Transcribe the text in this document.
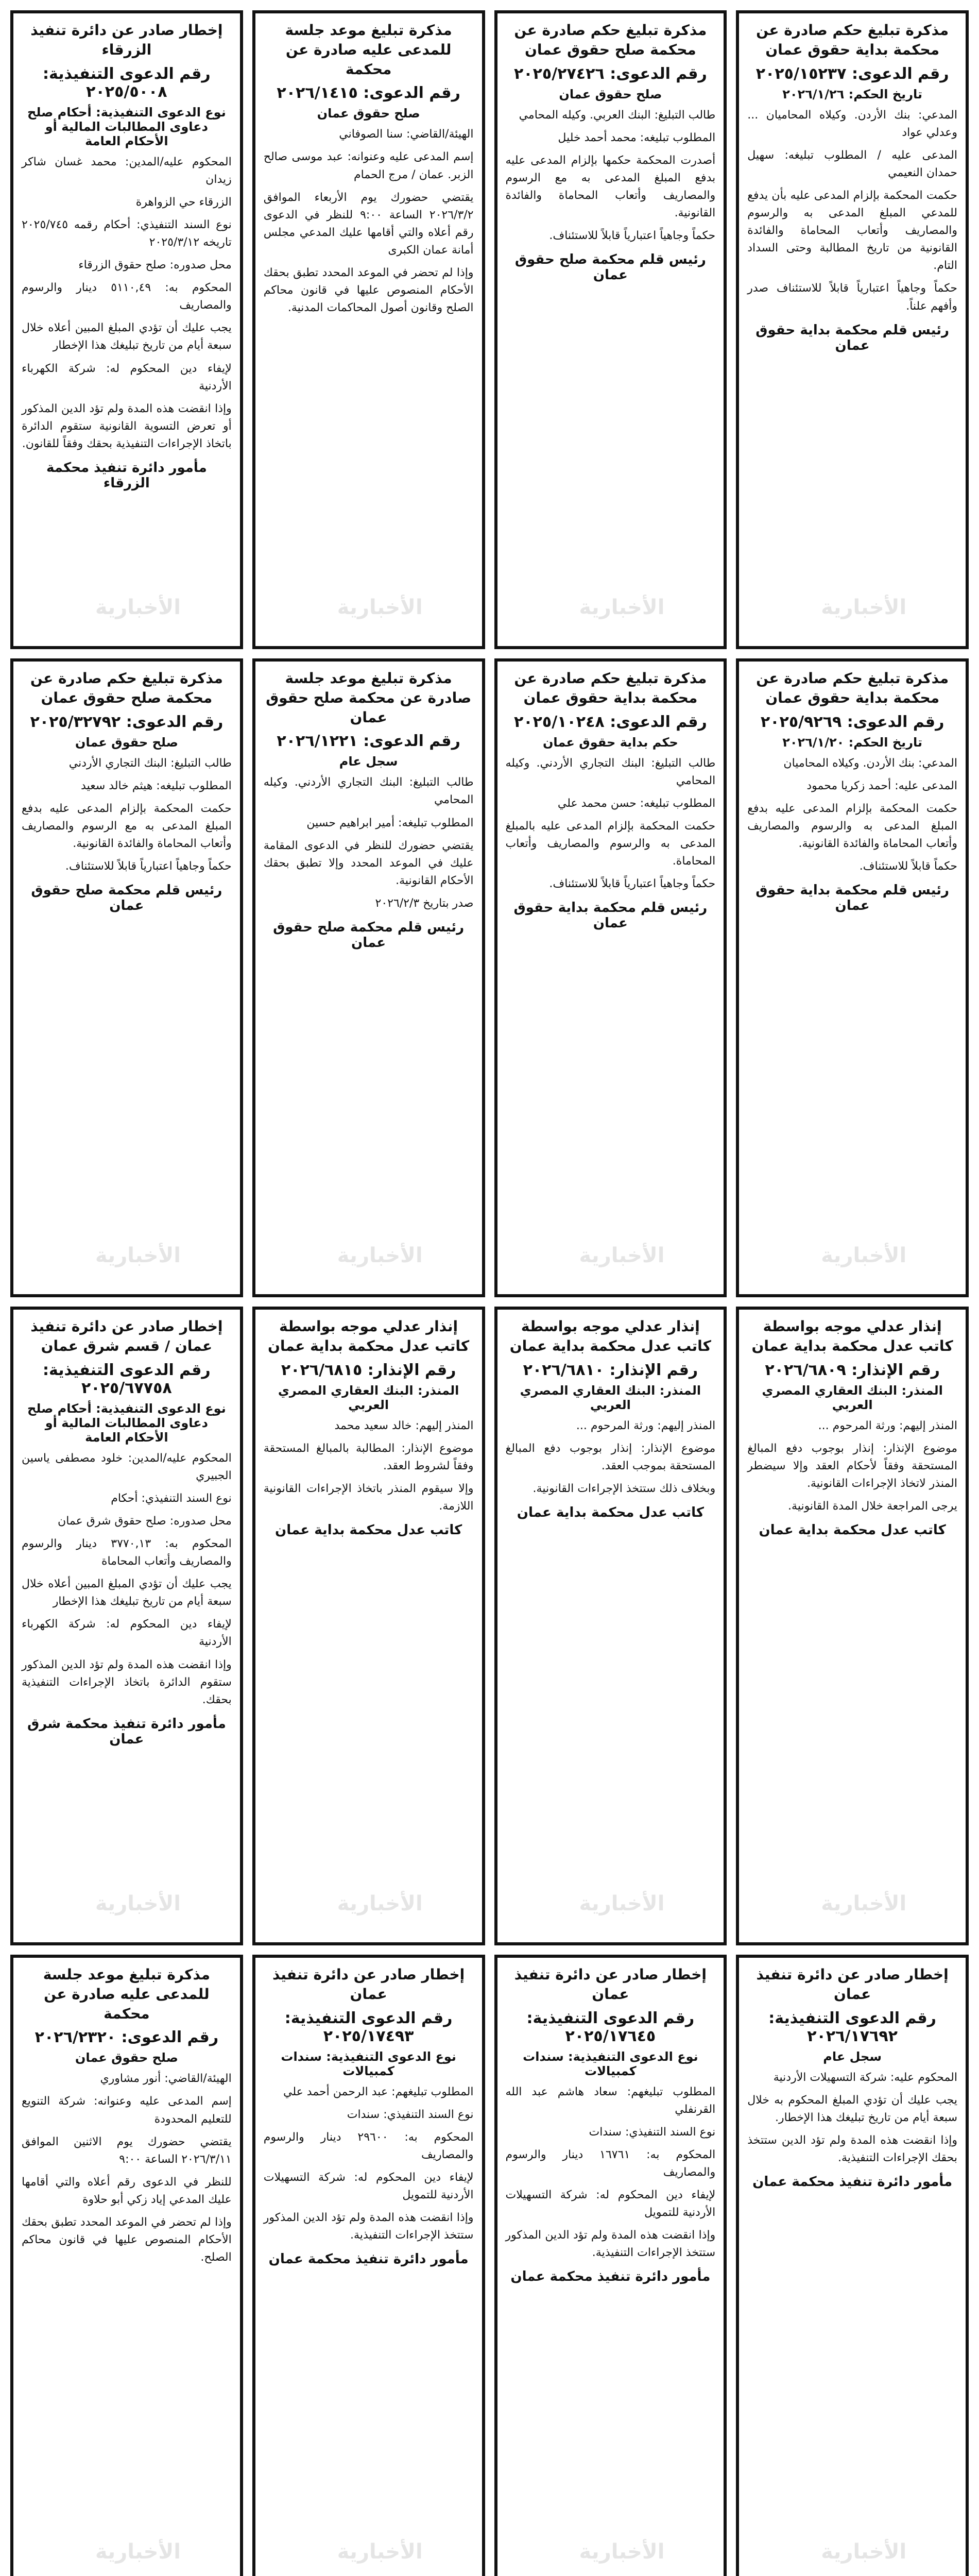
مذكرة تبليغ حكم صادرة عن محكمة بداية حقوق عمان
رقم الدعوى: ٢٠٢٥/١٥٢٣٧
تاريخ الحكم: ٢٠٢٦/١/٢٦
المدعي: بنك الأردن. وكيلاه المحاميان ... وعدلي عواد
المدعى عليه / المطلوب تبليغه: سهيل حمدان النعيمي
حكمت المحكمة بإلزام المدعى عليه بأن يدفع للمدعي المبلغ المدعى به والرسوم والمصاريف وأتعاب المحاماة والفائدة القانونية من تاريخ المطالبة وحتى السداد التام.
حكماً وجاهياً اعتبارياً قابلاً للاستئناف صدر وأفهم علناً.
رئيس قلم محكمة بداية حقوق عمان
الأخبارية
مذكرة تبليغ حكم صادرة عن محكمة صلح حقوق عمان
رقم الدعوى: ٢٠٢٥/٢٧٤٢٦
صلح حقوق عمان
طالب التبليغ: البنك العربي. وكيله المحامي
المطلوب تبليغه: محمد أحمد خليل
أصدرت المحكمة حكمها بإلزام المدعى عليه بدفع المبلغ المدعى به مع الرسوم والمصاريف وأتعاب المحاماة والفائدة القانونية.
حكماً وجاهياً اعتبارياً قابلاً للاستئناف.
رئيس قلم محكمة صلح حقوق عمان
الأخبارية
مذكرة تبليغ موعد جلسة للمدعى عليه صادرة عن محكمة
رقم الدعوى: ٢٠٢٦/١٤١٥
صلح حقوق عمان
الهيئة/القاضي: سنا الصوفاني
إسم المدعى عليه وعنوانه: عبد موسى صالح الزبر. عمان / مرج الحمام
يقتضي حضورك يوم الأربعاء الموافق ٢٠٢٦/٣/٢ الساعة ٩:٠٠ للنظر في الدعوى رقم أعلاه والتي أقامها عليك المدعي مجلس أمانة عمان الكبرى
وإذا لم تحضر في الموعد المحدد تطبق بحقك الأحكام المنصوص عليها في قانون محاكم الصلح وقانون أصول المحاكمات المدنية.
الأخبارية
إخطار صادر عن دائرة تنفيذ الزرقاء
رقم الدعوى التنفيذية: ٢٠٢٥/٥٠٠٨
نوع الدعوى التنفيذية: أحكام صلح دعاوى المطالبات المالية أو الأحكام العامة
المحكوم عليه/المدين: محمد غسان شاكر زيدان
الزرقاء حي الزواهرة
نوع السند التنفيذي: أحكام رقمه ٢٠٢٥/٧٤٥ تاريخه ٢٠٢٥/٣/١٢
محل صدوره: صلح حقوق الزرقاء
المحكوم به: ٥١١٠,٤٩ دينار والرسوم والمصاريف
يجب عليك أن تؤدي المبلغ المبين أعلاه خلال سبعة أيام من تاريخ تبليغك هذا الإخطار
لإيفاء دين المحكوم له: شركة الكهرباء الأردنية
وإذا انقضت هذه المدة ولم تؤد الدين المذكور أو تعرض التسوية القانونية ستقوم الدائرة باتخاذ الإجراءات التنفيذية بحقك وفقاً للقانون.
مأمور دائرة تنفيذ محكمة الزرقاء
الأخبارية
مذكرة تبليغ حكم صادرة عن محكمة بداية حقوق عمان
رقم الدعوى: ٢٠٢٥/٩٢٦٩
تاريخ الحكم: ٢٠٢٦/١/٢٠
المدعي: بنك الأردن. وكيلاه المحاميان
المدعى عليه: أحمد زكريا محمود
حكمت المحكمة بإلزام المدعى عليه بدفع المبلغ المدعى به والرسوم والمصاريف وأتعاب المحاماة والفائدة القانونية.
حكماً قابلاً للاستئناف.
رئيس قلم محكمة بداية حقوق عمان
الأخبارية
مذكرة تبليغ حكم صادرة عن محكمة بداية حقوق عمان
رقم الدعوى: ٢٠٢٥/١٠٢٤٨
حكم بداية حقوق عمان
طالب التبليغ: البنك التجاري الأردني. وكيله المحامي
المطلوب تبليغه: حسن محمد علي
حكمت المحكمة بإلزام المدعى عليه بالمبلغ المدعى به والرسوم والمصاريف وأتعاب المحاماة.
حكماً وجاهياً اعتبارياً قابلاً للاستئناف.
رئيس قلم محكمة بداية حقوق عمان
الأخبارية
مذكرة تبليغ موعد جلسة صادرة عن محكمة صلح حقوق عمان
رقم الدعوى: ٢٠٢٦/١٢٢١
سجل عام
طالب التبليغ: البنك التجاري الأردني. وكيله المحامي
المطلوب تبليغه: أمير ابراهيم حسين
يقتضي حضورك للنظر في الدعوى المقامة عليك في الموعد المحدد وإلا تطبق بحقك الأحكام القانونية.
صدر بتاريخ ٢٠٢٦/٢/٣
رئيس قلم محكمة صلح حقوق عمان
الأخبارية
مذكرة تبليغ حكم صادرة عن محكمة صلح حقوق عمان
رقم الدعوى: ٢٠٢٥/٣٢٧٩٢
صلح حقوق عمان
طالب التبليغ: البنك التجاري الأردني
المطلوب تبليغه: هيثم خالد سعيد
حكمت المحكمة بإلزام المدعى عليه بدفع المبلغ المدعى به مع الرسوم والمصاريف وأتعاب المحاماة والفائدة القانونية.
حكماً وجاهياً اعتبارياً قابلاً للاستئناف.
رئيس قلم محكمة صلح حقوق عمان
الأخبارية
إنذار عدلي موجه بواسطة كاتب عدل محكمة بداية عمان
رقم الإنذار: ٢٠٢٦/٦٨٠٩
المنذر: البنك العقاري المصري العربي
المنذر إليهم: ورثة المرحوم ...
موضوع الإنذار: إنذار بوجوب دفع المبالغ المستحقة وفقاً لأحكام العقد وإلا سيضطر المنذر لاتخاذ الإجراءات القانونية.
يرجى المراجعة خلال المدة القانونية.
كاتب عدل محكمة بداية عمان
الأخبارية
إنذار عدلي موجه بواسطة كاتب عدل محكمة بداية عمان
رقم الإنذار: ٢٠٢٦/٦٨١٠
المنذر: البنك العقاري المصري العربي
المنذر إليهم: ورثة المرحوم ...
موضوع الإنذار: إنذار بوجوب دفع المبالغ المستحقة بموجب العقد.
وبخلاف ذلك ستتخذ الإجراءات القانونية.
كاتب عدل محكمة بداية عمان
الأخبارية
إنذار عدلي موجه بواسطة كاتب عدل محكمة بداية عمان
رقم الإنذار: ٢٠٢٦/٦٨١٥
المنذر: البنك العقاري المصري العربي
المنذر إليهم: خالد سعيد محمد
موضوع الإنذار: المطالبة بالمبالغ المستحقة وفقاً لشروط العقد.
وإلا سيقوم المنذر باتخاذ الإجراءات القانونية اللازمة.
كاتب عدل محكمة بداية عمان
الأخبارية
إخطار صادر عن دائرة تنفيذ عمان / قسم شرق عمان
رقم الدعوى التنفيذية: ٢٠٢٥/٦٧٧٥٨
نوع الدعوى التنفيذية: أحكام صلح دعاوى المطالبات المالية أو الأحكام العامة
المحكوم عليه/المدين: خلود مصطفى ياسين الجبيري
نوع السند التنفيذي: أحكام
محل صدوره: صلح حقوق شرق عمان
المحكوم به: ٣٧٧٠,١٣ دينار والرسوم والمصاريف وأتعاب المحاماة
يجب عليك أن تؤدي المبلغ المبين أعلاه خلال سبعة أيام من تاريخ تبليغك هذا الإخطار
لإيفاء دين المحكوم له: شركة الكهرباء الأردنية
وإذا انقضت هذه المدة ولم تؤد الدين المذكور ستقوم الدائرة باتخاذ الإجراءات التنفيذية بحقك.
مأمور دائرة تنفيذ محكمة شرق عمان
الأخبارية
إخطار صادر عن دائرة تنفيذ عمان
رقم الدعوى التنفيذية: ٢٠٢٦/١٧٦٩٢
سجل عام
المحكوم عليه: شركة التسهيلات الأردنية
يجب عليك أن تؤدي المبلغ المحكوم به خلال سبعة أيام من تاريخ تبليغك هذا الإخطار.
وإذا انقضت هذه المدة ولم تؤد الدين ستتخذ بحقك الإجراءات التنفيذية.
مأمور دائرة تنفيذ محكمة عمان
الأخبارية
إخطار صادر عن دائرة تنفيذ عمان
رقم الدعوى التنفيذية: ٢٠٢٥/١٧٦٤٥
نوع الدعوى التنفيذية: سندات كمبيالات
المطلوب تبليغهم: سعاد هاشم عبد الله القرنفلي
نوع السند التنفيذي: سندات
المحكوم به: ١٦٧٦١ دينار والرسوم والمصاريف
لإيفاء دين المحكوم له: شركة التسهيلات الأردنية للتمويل
وإذا انقضت هذه المدة ولم تؤد الدين المذكور ستتخذ الإجراءات التنفيذية.
مأمور دائرة تنفيذ محكمة عمان
الأخبارية
إخطار صادر عن دائرة تنفيذ عمان
رقم الدعوى التنفيذية: ٢٠٢٥/١٧٤٩٣
نوع الدعوى التنفيذية: سندات كمبيالات
المطلوب تبليغهم: عبد الرحمن أحمد علي
نوع السند التنفيذي: سندات
المحكوم به: ٢٩٦٠٠ دينار والرسوم والمصاريف
لإيفاء دين المحكوم له: شركة التسهيلات الأردنية للتمويل
وإذا انقضت هذه المدة ولم تؤد الدين المذكور ستتخذ الإجراءات التنفيذية.
مأمور دائرة تنفيذ محكمة عمان
الأخبارية
مذكرة تبليغ موعد جلسة للمدعى عليه صادرة عن محكمة
رقم الدعوى: ٢٠٢٦/٢٣٢٠
صلح حقوق عمان
الهيئة/القاضي: أنور مشاوري
إسم المدعى عليه وعنوانه: شركة التنويع للتعليم المحدودة
يقتضي حضورك يوم الاثنين الموافق ٢٠٢٦/٣/١١ الساعة ٩:٠٠
للنظر في الدعوى رقم أعلاه والتي أقامها عليك المدعي إياد زكي أبو حلاوة
وإذا لم تحضر في الموعد المحدد تطبق بحقك الأحكام المنصوص عليها في قانون محاكم الصلح.
الأخبارية
